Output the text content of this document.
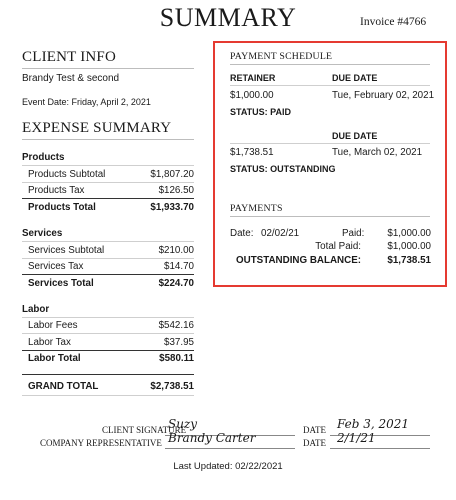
SUMMARY	Invoice #4766
CLIENT INFO
Brandy Test & second
Event Date: Friday, April 2, 2021
EXPENSE SUMMARY
Products
Products Subtotal	$1,807.20
Products Tax	$126.50
Products Total	$1,933.70
Services
Services Subtotal	$210.00
Services Tax	$14.70
Services Total	$224.70
Labor
Labor Fees	$542.16
Labor Tax	$37.95
Labor Total	$580.11
GRAND TOTAL	$2,738.51
PAYMENT SCHEDULE
RETAINER	DUE DATE
$1,000.00	Tue, February 02, 2021
STATUS: PAID
DUE DATE
$1,738.51	Tue, March 02, 2021
STATUS: OUTSTANDING
PAYMENTS
Date: 02/02/21	Paid: $1,000.00
Total Paid:	$1,000.00
OUTSTANDING BALANCE:	$1,738.51
CLIENT SIGNATURE
Suzy	DATE Feb 3, 2021
COMPANY REPRESENTATIVE Brandy Carter	DATE 2/1/21
Last Updated: 02/22/2021
